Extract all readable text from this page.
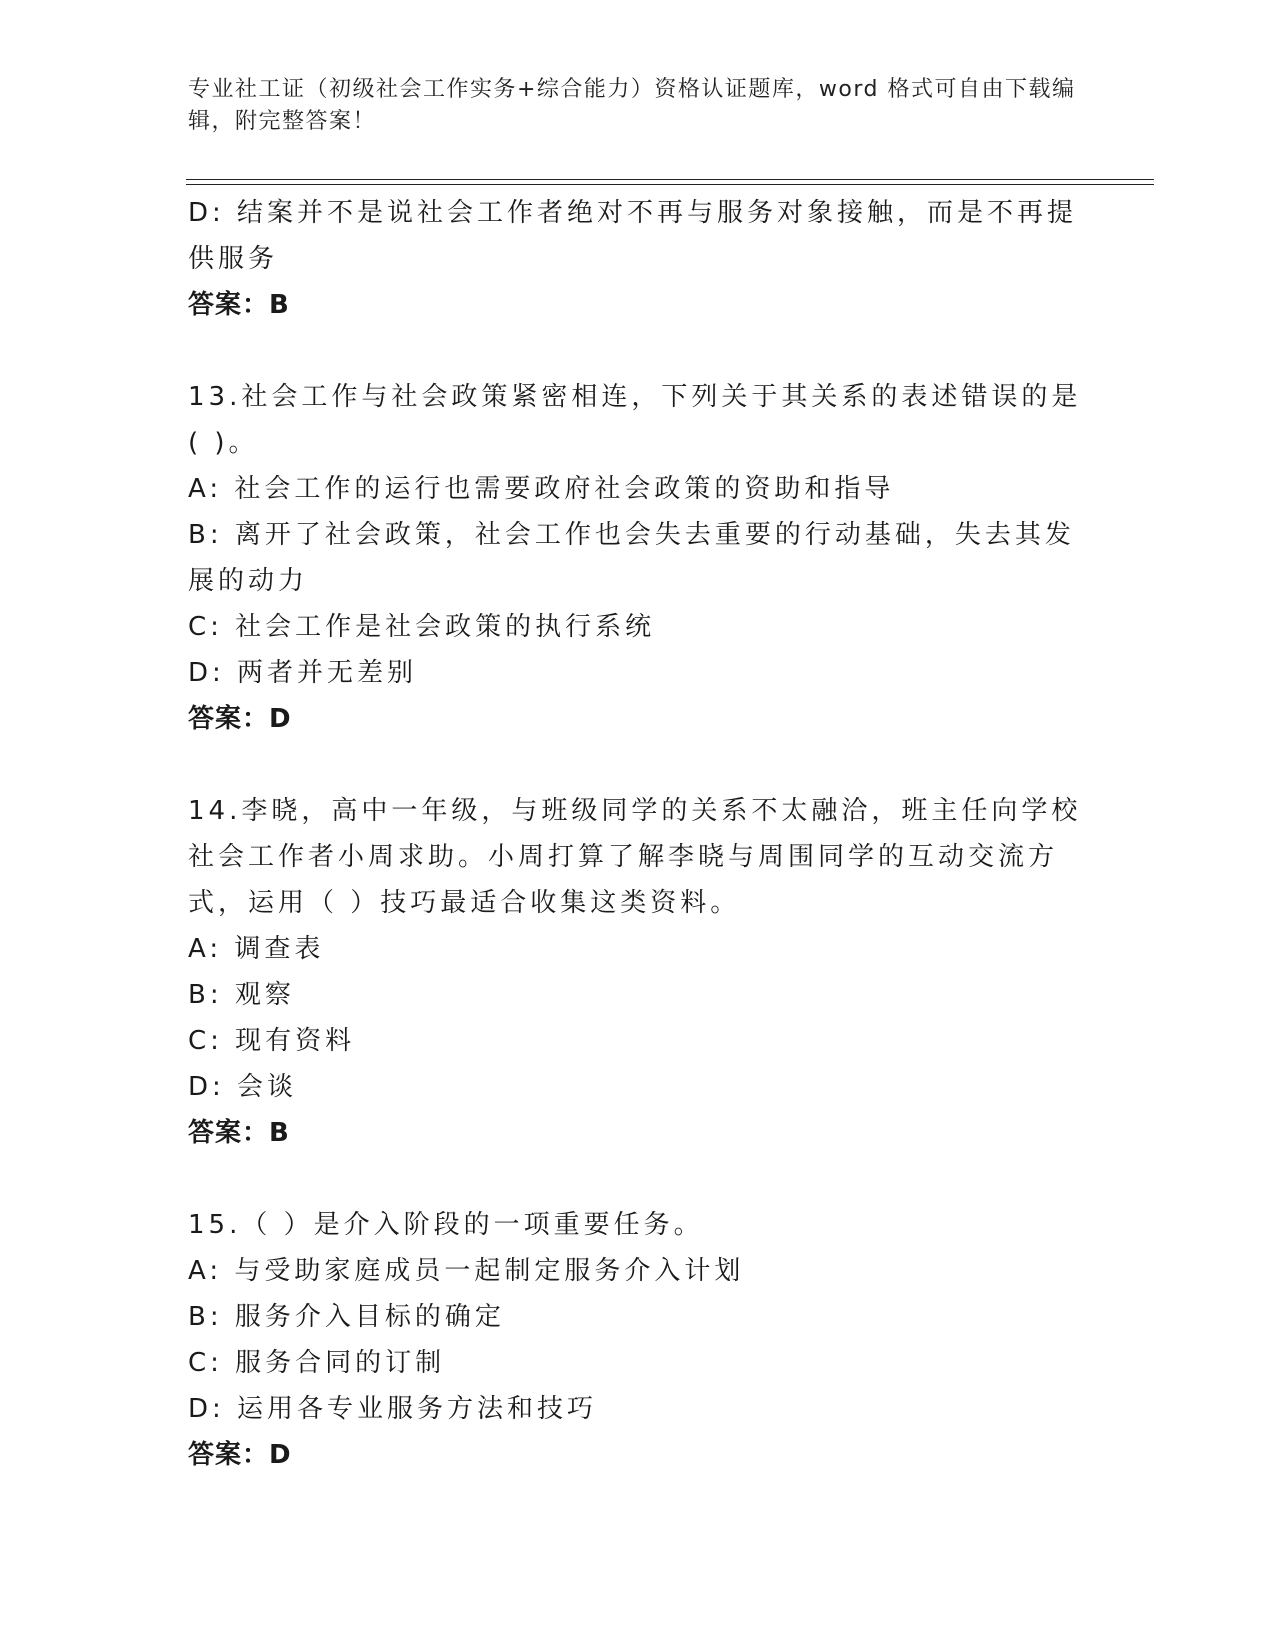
专业社工证（初级社会工作实务+综合能力）资格认证题库，word 格式可自由下载编辑，附完整答案！
D: 结案并不是说社会工作者绝对不再与服务对象接触，而是不再提供服务
答案：B
13.社会工作与社会政策紧密相连，下列关于其关系的表述错误的是( )。
A: 社会工作的运行也需要政府社会政策的资助和指导
B: 离开了社会政策，社会工作也会失去重要的行动基础，失去其发展的动力
C: 社会工作是社会政策的执行系统
D: 两者并无差别
答案：D
14.李晓，高中一年级，与班级同学的关系不太融洽，班主任向学校社会工作者小周求助。小周打算了解李晓与周围同学的互动交流方式，运用（ ）技巧最适合收集这类资料。
A: 调查表
B: 观察
C: 现有资料
D: 会谈
答案：B
15.（ ）是介入阶段的一项重要任务。
A: 与受助家庭成员一起制定服务介入计划
B: 服务介入目标的确定
C: 服务合同的订制
D: 运用各专业服务方法和技巧
答案：D
